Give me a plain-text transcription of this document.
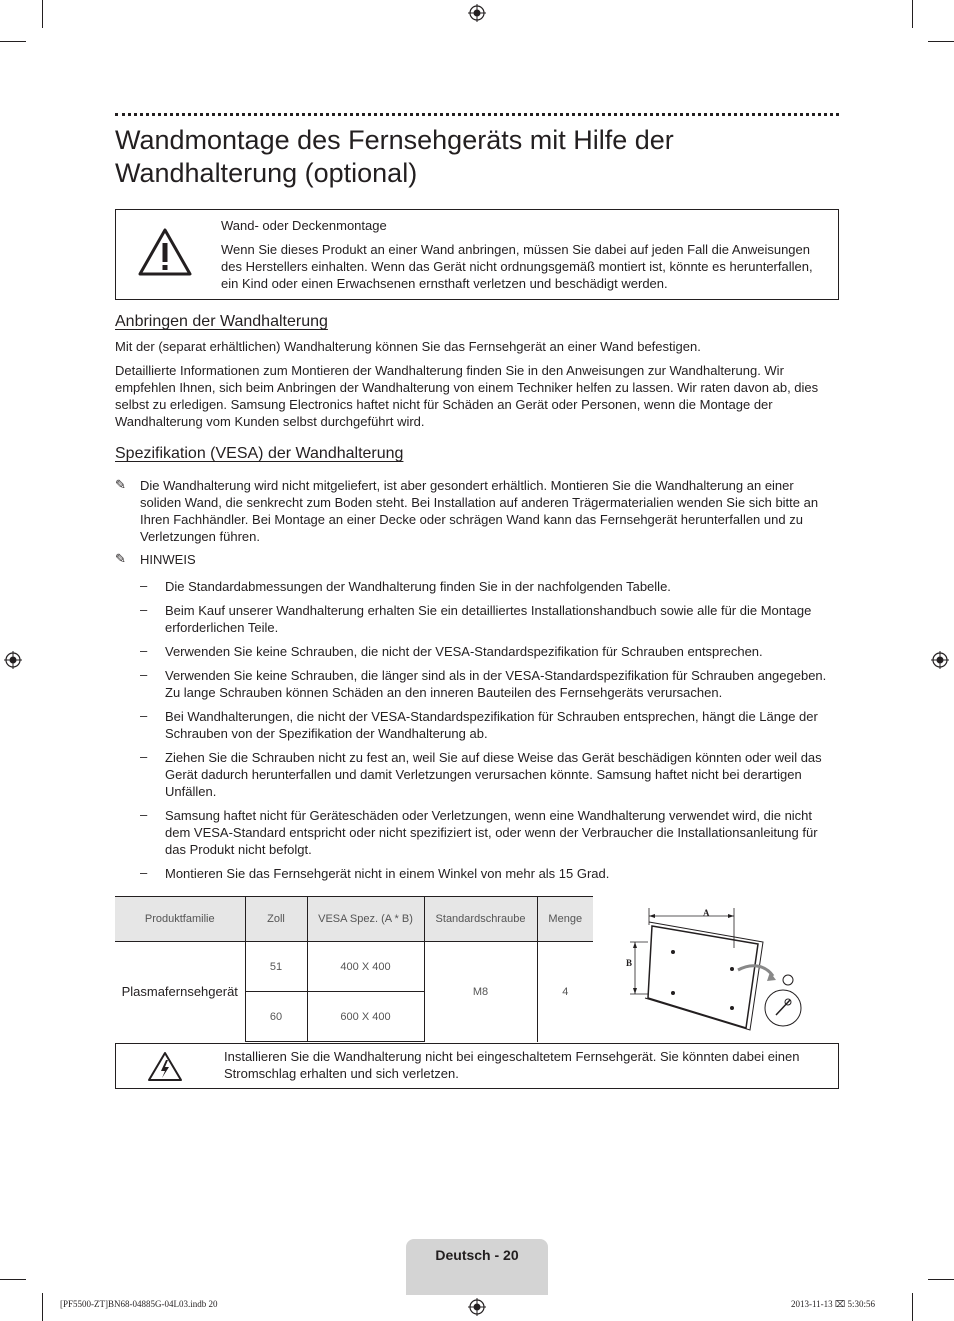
Wandmontage des Fernsehgeräts mit Hilfe der Wandhalterung (optional)
Wand- oder Deckenmontage
Wenn Sie dieses Produkt an einer Wand anbringen, müssen Sie dabei auf jeden Fall die Anweisungen des Herstellers einhalten. Wenn das Gerät nicht ordnungsgemäß montiert ist, könnte es herunterfallen, ein Kind oder einen Erwachsenen ernsthaft verletzen und beschädigt werden.
Anbringen der Wandhalterung
Mit der (separat erhältlichen) Wandhalterung können Sie das Fernsehgerät an einer Wand befestigen.
Detaillierte Informationen zum Montieren der Wandhalterung finden Sie in den Anweisungen zur Wandhalterung. Wir empfehlen Ihnen, sich beim Anbringen der Wandhalterung von einem Techniker helfen zu lassen. Wir raten davon ab, dies selbst zu erledigen. Samsung Electronics haftet nicht für Schäden an Gerät oder Personen, wenn die Montage der Wandhalterung vom Kunden selbst durchgeführt wird.
Spezifikation (VESA) der Wandhalterung
✎ Die Wandhalterung wird nicht mitgeliefert, ist aber gesondert erhältlich. Montieren Sie die Wandhalterung an einer soliden Wand, die senkrecht zum Boden steht. Bei Installation auf anderen Trägermaterialien wenden Sie sich bitte an Ihren Fachhändler. Bei Montage an einer Decke oder schrägen Wand kann das Fernsehgerät herunterfallen und zu Verletzungen führen.
✎ HINWEIS
– Die Standardabmessungen der Wandhalterung finden Sie in der nachfolgenden Tabelle.
– Beim Kauf unserer Wandhalterung erhalten Sie ein detailliertes Installationshandbuch sowie alle für die Montage erforderlichen Teile.
– Verwenden Sie keine Schrauben, die nicht der VESA-Standardspezifikation für Schrauben entsprechen.
– Verwenden Sie keine Schrauben, die länger sind als in der VESA-Standardspezifikation für Schrauben angegeben. Zu lange Schrauben können Schäden an den inneren Bauteilen des Fernsehgeräts verursachen.
– Bei Wandhalterungen, die nicht der VESA-Standardspezifikation für Schrauben entsprechen, hängt die Länge der Schrauben von der Spezifikation der Wandhalterung ab.
– Ziehen Sie die Schrauben nicht zu fest an, weil Sie auf diese Weise das Gerät beschädigen könnten oder weil das Gerät dadurch herunterfallen und damit Verletzungen verursachen könnte. Samsung haftet nicht bei derartigen Unfällen.
– Samsung haftet nicht für Geräteschäden oder Verletzungen, wenn eine Wandhalterung verwendet wird, die nicht dem VESA-Standard entspricht oder nicht spezifiziert ist, oder wenn der Verbraucher die Installationsanleitung für das Produkt nicht befolgt.
– Montieren Sie das Fernsehgerät nicht in einem Winkel von mehr als 15 Grad.
Produktfamilie	Zoll	VESA Spez. (A * B)	Standardschraube	Menge
Plasmafernsehgerät	51	400 X 400	M8	4
	60	600 X 400		
A
B
Installieren Sie die Wandhalterung nicht bei eingeschaltetem Fernsehgerät. Sie könnten dabei einen Stromschlag erhalten und sich verletzen.
Deutsch - 20
[PF5500-ZT]BN68-04885G-04L03.indb 20	2013-11-13 ⌧ 5:30:56
